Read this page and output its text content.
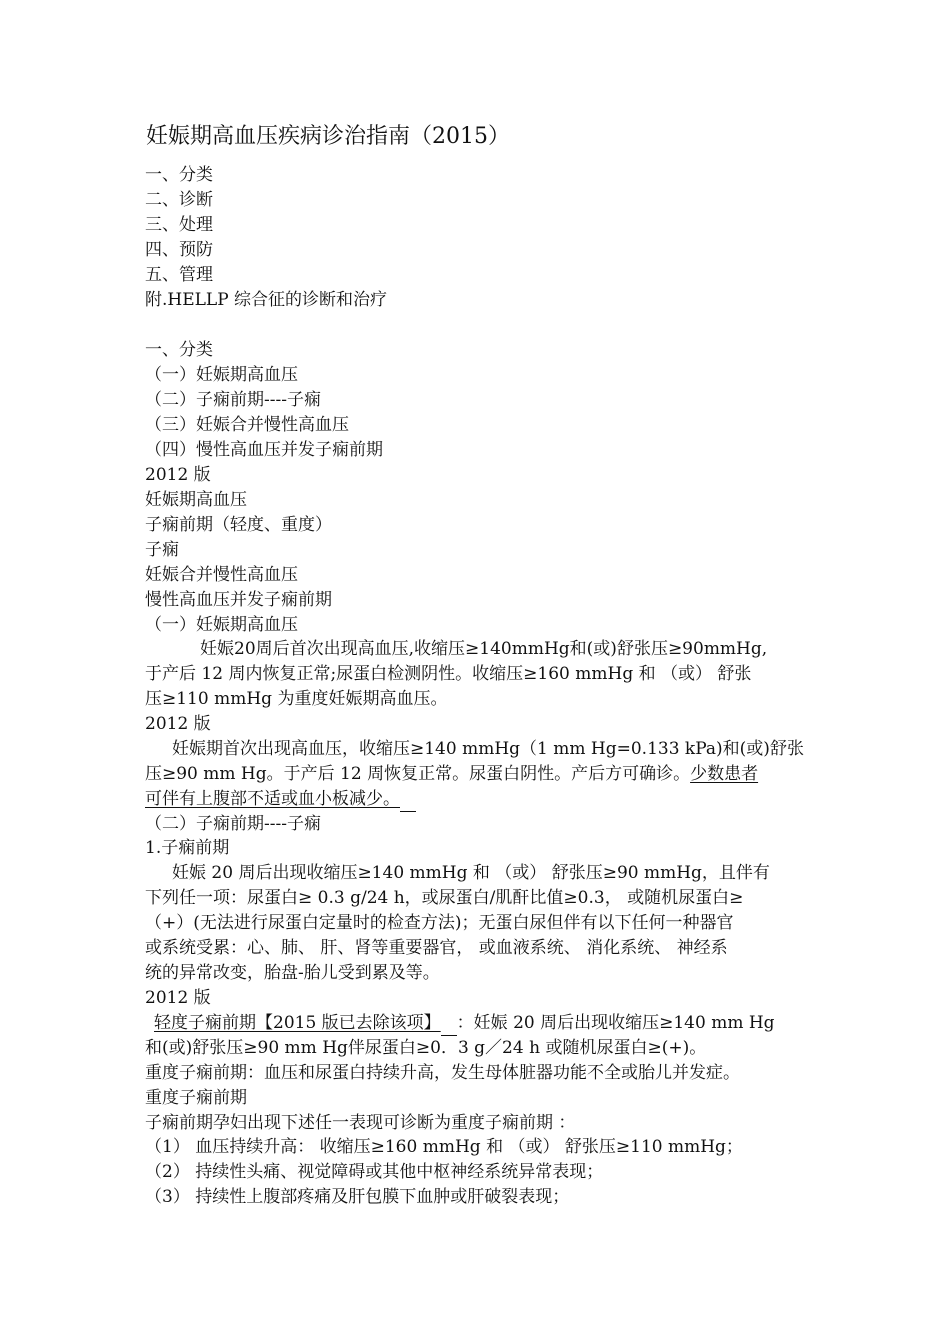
妊娠期高血压疾病诊治指南（2015）
一、分类
二、诊断
三、处理
四、预防
五、管理
附.HELLP 综合征的诊断和治疗
一、分类
（一）妊娠期高血压
（二）子痫前期----子痫
（三）妊娠合并慢性高血压
（四）慢性高血压并发子痫前期
2012 版
妊娠期高血压
子痫前期（轻度、重度）
子痫
妊娠合并慢性高血压
慢性高血压并发子痫前期
（一）妊娠期高血压
妊娠20周后首次出现高血压,收缩压≥140mmHg和(或)舒张压≥90mmHg,
于产后 12 周内恢复正常;尿蛋白检测阴性。收缩压≥160 mmHg 和 （或） 舒张
压≥110 mmHg 为重度妊娠期高血压。
2012 版
妊娠期首次出现高血压，收缩压≥140 mmHg（1 mm Hg=0.133 kPa)和(或)舒张
压≥90 mm Hg。于产后 12 周恢复正常。尿蛋白阴性。产后方可确诊。少数患者
可伴有上腹部不适或血小板减少。
（二）子痫前期----子痫
1.子痫前期
妊娠 20 周后出现收缩压≥140 mmHg 和 （或） 舒张压≥90 mmHg，且伴有
下列任一项：尿蛋白≥ 0.3 g/24 h，或尿蛋白/肌酐比值≥0.3， 或随机尿蛋白≥
（+）(无法进行尿蛋白定量时的检查方法)；无蛋白尿但伴有以下任何一种器官
或系统受累：心、肺、 肝、肾等重要器官， 或血液系统、 消化系统、 神经系
统的异常改变，胎盘-胎儿受到累及等。
2012 版
轻度子痫前期【2015 版已去除该项】 ：妊娠 20 周后出现收缩压≥140 mm Hg
和(或)舒张压≥90 mm Hg伴尿蛋白≥0．3 g／24 h 或随机尿蛋白≥(+)。
重度子痫前期：血压和尿蛋白持续升高，发生母体脏器功能不全或胎儿并发症。
重度子痫前期
子痫前期孕妇出现下述任一表现可诊断为重度子痫前期 ：
（1） 血压持续升高： 收缩压≥160 mmHg 和 （或） 舒张压≥110 mmHg；
（2） 持续性头痛、视觉障碍或其他中枢神经系统异常表现；
（3） 持续性上腹部疼痛及肝包膜下血肿或肝破裂表现；
